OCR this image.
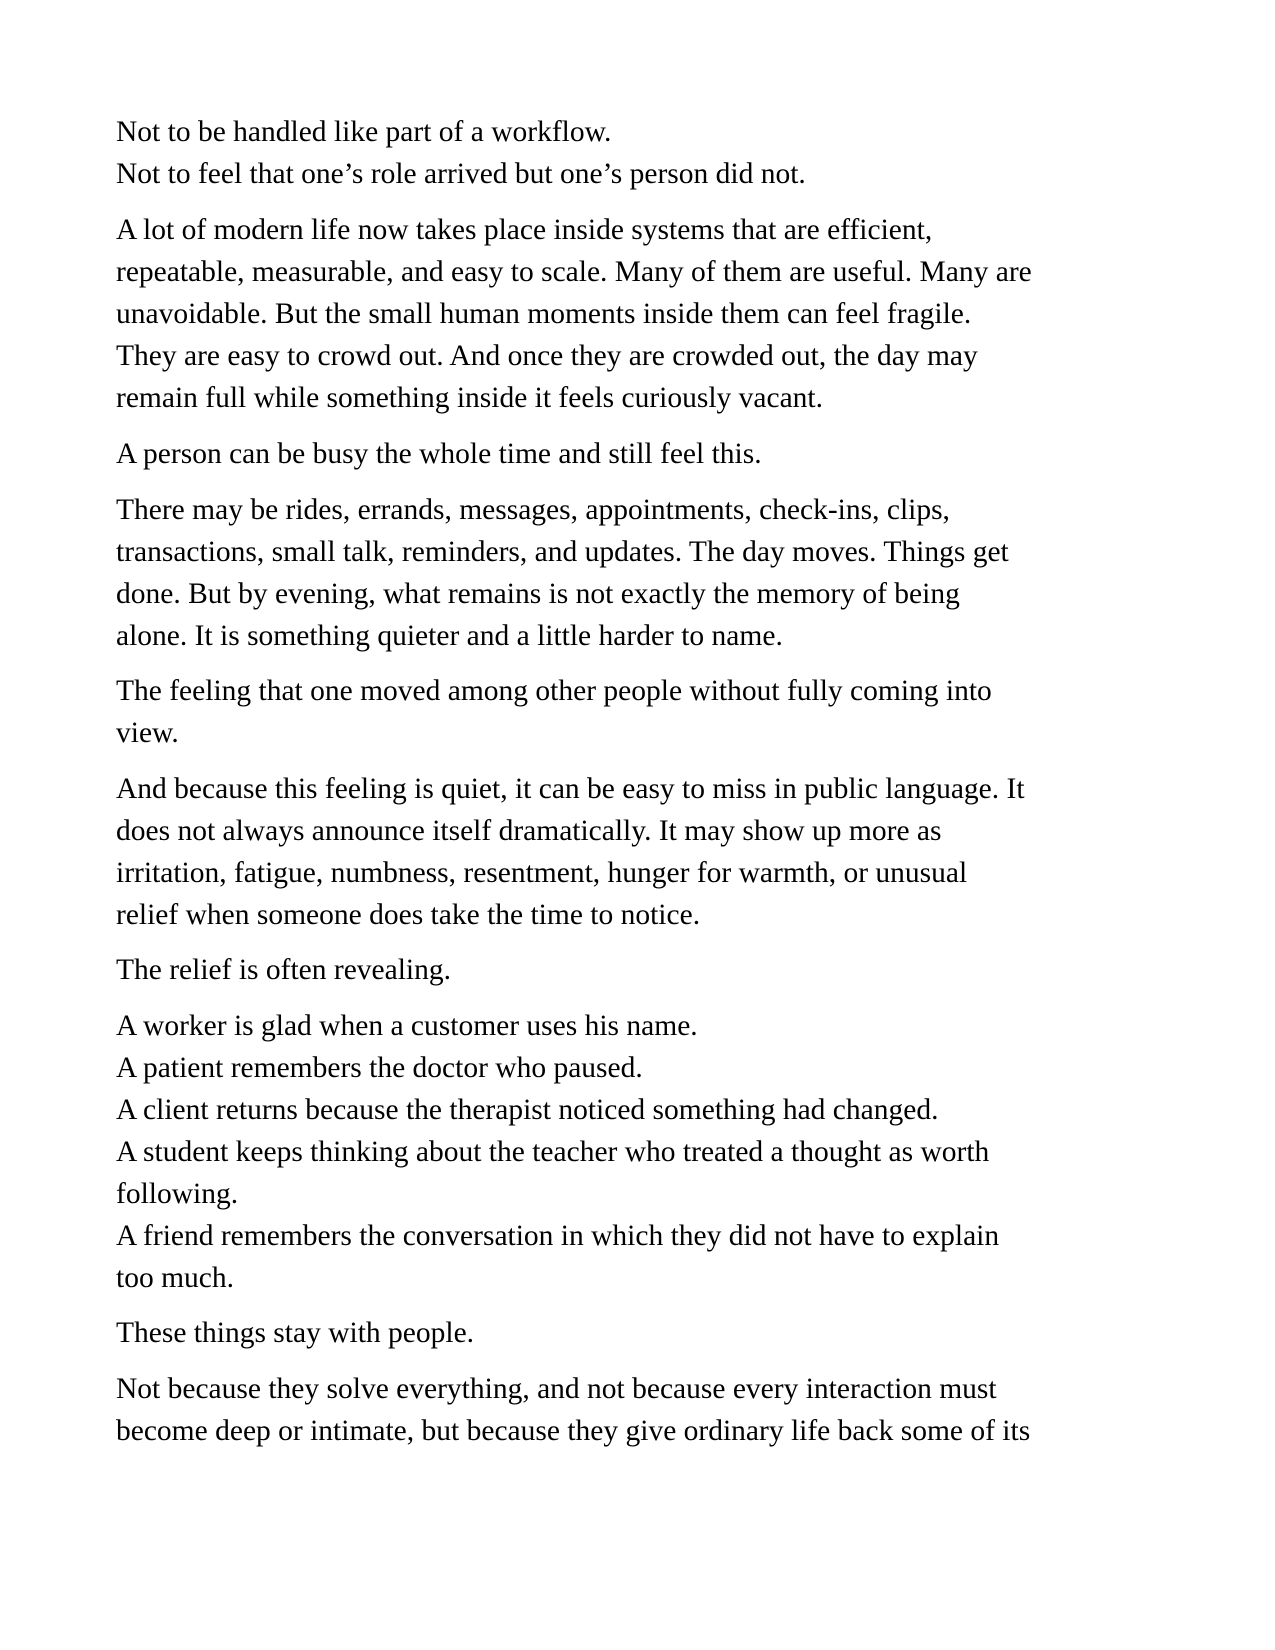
Not to be handled like part of a workflow.
Not to feel that one’s role arrived but one’s person did not.
A lot of modern life now takes place inside systems that are efficient,
repeatable, measurable, and easy to scale. Many of them are useful. Many are
unavoidable. But the small human moments inside them can feel fragile.
They are easy to crowd out. And once they are crowded out, the day may
remain full while something inside it feels curiously vacant.
A person can be busy the whole time and still feel this.
There may be rides, errands, messages, appointments, check-ins, clips,
transactions, small talk, reminders, and updates. The day moves. Things get
done. But by evening, what remains is not exactly the memory of being
alone. It is something quieter and a little harder to name.
The feeling that one moved among other people without fully coming into
view.
And because this feeling is quiet, it can be easy to miss in public language. It
does not always announce itself dramatically. It may show up more as
irritation, fatigue, numbness, resentment, hunger for warmth, or unusual
relief when someone does take the time to notice.
The relief is often revealing.
A worker is glad when a customer uses his name.
A patient remembers the doctor who paused.
A client returns because the therapist noticed something had changed.
A student keeps thinking about the teacher who treated a thought as worth
following.
A friend remembers the conversation in which they did not have to explain
too much.
These things stay with people.
Not because they solve everything, and not because every interaction must
become deep or intimate, but because they give ordinary life back some of its
